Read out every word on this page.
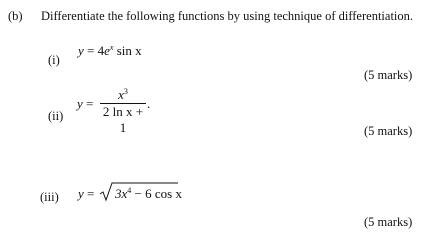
(b) Differentiate the following functions by using technique of differentiation.
(i)
$y = 4e^x$ sin x
(5 marks)
(ii)
y =
$x^3$
2 ln x + 1
.
(5 marks)
(iii) $y = 3x^4 - 6$ cos x
(5 marks)
